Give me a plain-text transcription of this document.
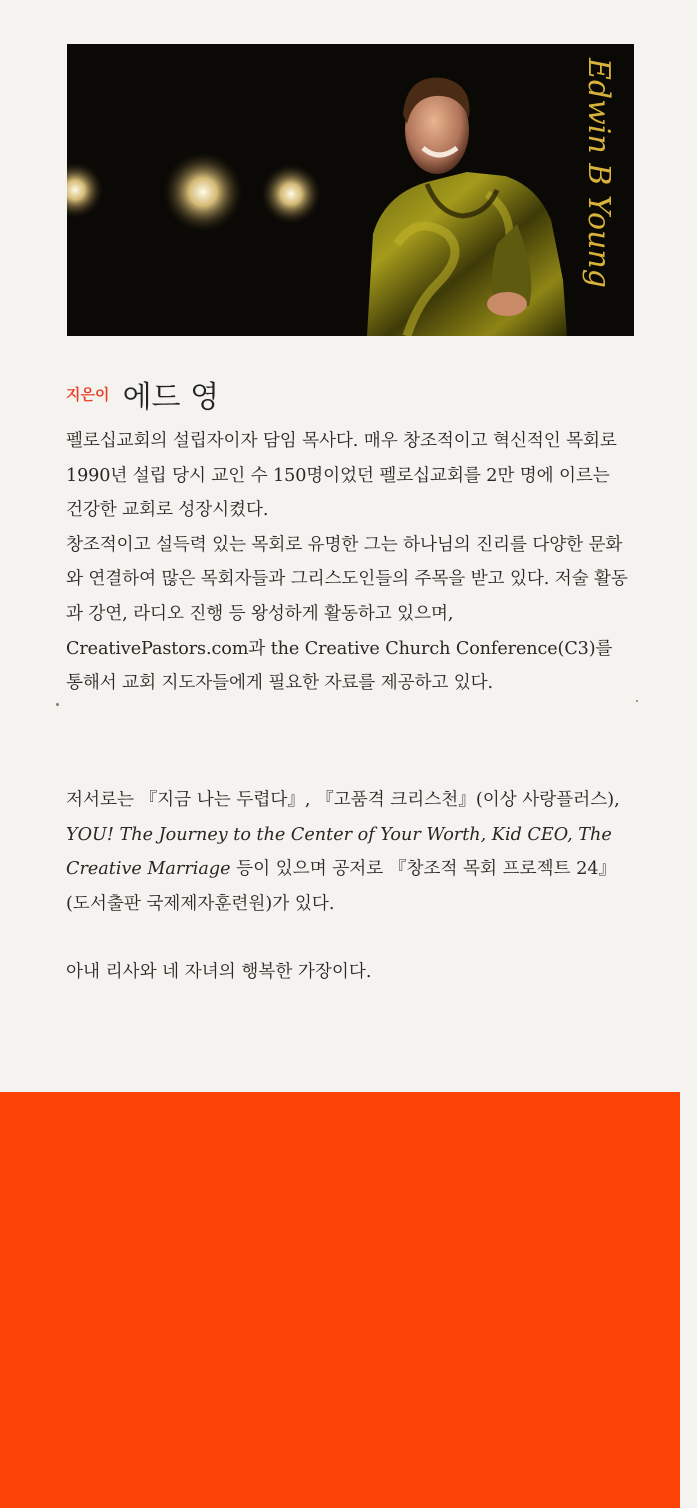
Edwin B Young
지은이 에드 영

펠로십교회의 설립자이자 담임 목사다. 매우 창조적이고 혁신적인 목회로 1990년 설립 당시 교인 수 150명이었던 펠로십교회를 2만 명에 이르는 건강한 교회로 성장시켰다.

창조적이고 설득력 있는 목회로 유명한 그는 하나님의 진리를 다양한 문화와 연결하여 많은 목회자들과 그리스도인들의 주목을 받고 있다. 저술 활동과 강연, 라디오 진행 등 왕성하게 활동하고 있으며, CreativePastors.com과 the Creative Church Conference(C3)를 통해서 교회 지도자들에게 필요한 자료를 제공하고 있다.

저서로는 『지금 나는 두렵다』, 『고품격 크리스천』(이상 사랑플러스), YOU! The Journey to the Center of Your Worth, Kid CEO, The Creative Marriage 등이 있으며 공저로 『창조적 목회 프로젝트 24』(도서출판 국제제자훈련원)가 있다.

아내 리사와 네 자녀의 행복한 가장이다.
